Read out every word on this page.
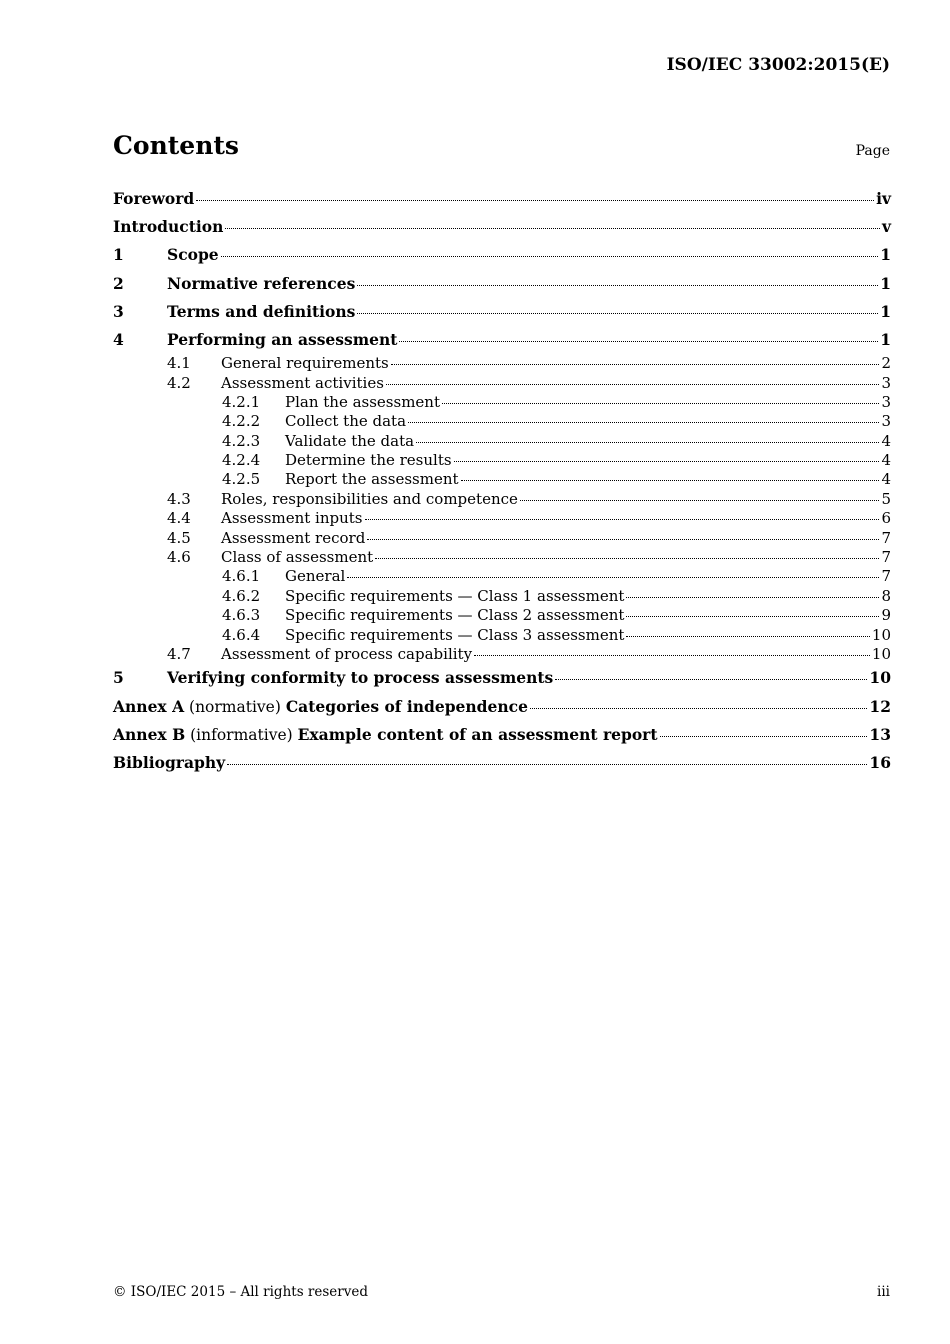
ISO/IEC 33002:2015(E)
Contents	Page
Foreword	iv
Introduction	v
1	Scope	1
2	Normative references	1
3	Terms and definitions	1
4	Performing an assessment	1
4.1	General requirements	2
4.2	Assessment activities	3
4.2.1	Plan the assessment	3
4.2.2	Collect the data	3
4.2.3	Validate the data	4
4.2.4	Determine the results	4
4.2.5	Report the assessment	4
4.3	Roles, responsibilities and competence	5
4.4	Assessment inputs	6
4.5	Assessment record	7
4.6	Class of assessment	7
4.6.1	General	7
4.6.2	Specific requirements — Class 1 assessment	8
4.6.3	Specific requirements — Class 2 assessment	9
4.6.4	Specific requirements — Class 3 assessment	10
4.7	Assessment of process capability	10
5	Verifying conformity to process assessments	10
Annex A (normative) Categories of independence	12
Annex B (informative) Example content of an assessment report	13
Bibliography	16
© ISO/IEC 2015 – All rights reserved	iii
